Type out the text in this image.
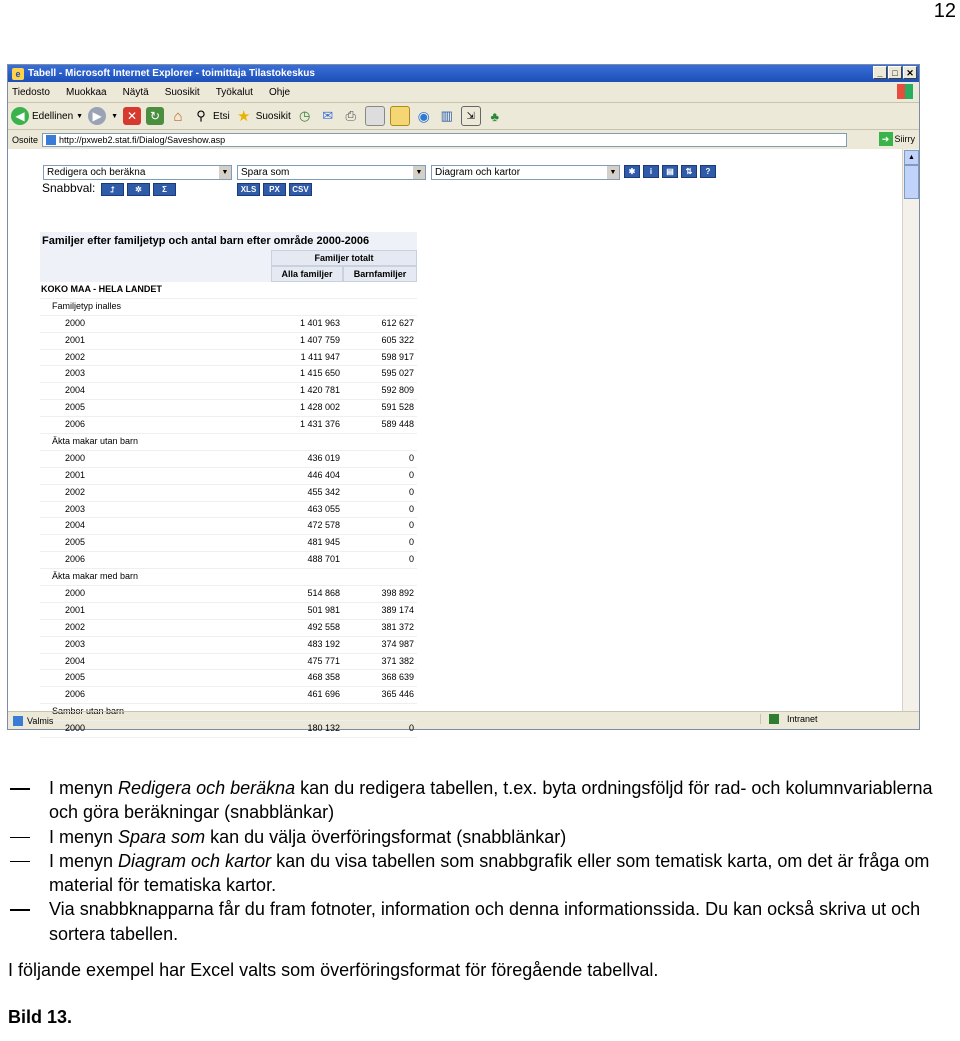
12
e Tabell - Microsoft Internet Explorer - toimittaja Tilastokeskus	_	□ ✕
Tiedosto Muokkaa Näytä Suosikit Työkalut Ohje
◀ Edellinen ▼ ▶	▼ ✕	↻ ⌂	⚲ Etsi ★ Suosikit ◷ ✉ ⎙	◉ ▥	⇲	♣
Osoite http://pxweb2.stat.fi/Dialog/Saveshow.asp	➜ Siirry
Redigera och beräkna	▼ Spara som	▼ Diagram och kartor	▼	✱ i ▤ ⇅ ?
Snabbval: ⮥	✲	Σ	XLS	PX	CSV
Familjer efter familjetyp och antal barn efter område 2000-2006
Familjer totalt
Alla familjer	Barnfamiljer
KOKO MAA - HELA LANDET
Familjetyp inalles
2000	1 401 963	612 627
2001	1 407 759	605 322
2002	1 411 947	598 917
2003	1 415 650	595 027
2004	1 420 781	592 809
2005	1 428 002	591 528
2006	1 431 376	589 448
Äkta makar utan barn
2000	436 019	0
2001	446 404	0
2002	455 342	0
2003	463 055	0
2004	472 578	0
2005	481 945	0
2006	488 701	0
Äkta makar med barn
2000	514 868	398 892
2001	501 981	389 174
2002	492 558	381 372
2003	483 192	374 987
2004	475 771	371 382
2005	468 358	368 639
2006	461 696	365 446
Sambor utan barn
2000	180 132	0
▲
Valmis	Intranet
I menyn Redigera och beräkna kan du redigera tabellen, t.ex. byta ordningsföljd för rad- och kolumnvariablerna och göra beräkningar (snabblänkar)
I menyn Spara som kan du välja överföringsformat (snabblänkar)
I menyn Diagram och kartor kan du visa tabellen som snabbgrafik eller som tematisk karta, om det är fråga om material för tematiska kartor.
Via snabbknapparna får du fram fotnoter, information och denna informationssida. Du kan också skriva ut och sortera tabellen.
I följande exempel har Excel valts som överföringsformat för föregående tabellval.
Bild 13.
